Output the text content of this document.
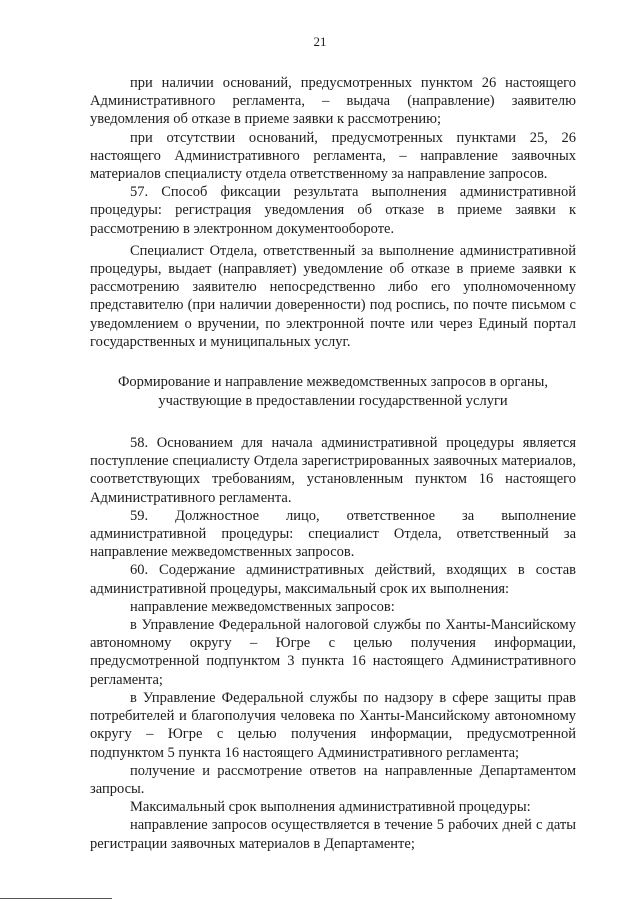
21

при наличии оснований, предусмотренных пунктом 26 настоящего Административного регламента, – выдача (направление) заявителю уведомления об отказе в приеме заявки к рассмотрению;

при отсутствии оснований, предусмотренных пунктами 25, 26 настоящего Административного регламента, – направление заявочных материалов специалисту отдела ответственному за направление запросов.

57. Способ фиксации результата выполнения административной процедуры: регистрация уведомления об отказе в приеме заявки к рассмотрению в электронном документообороте.

Специалист Отдела, ответственный за выполнение административной процедуры, выдает (направляет) уведомление об отказе в приеме заявки к рассмотрению заявителю непосредственно либо его уполномоченному представителю (при наличии доверенности) под роспись, по почте письмом с уведомлением о вручении, по электронной почте или через Единый портал государственных и муниципальных услуг.

Формирование и направление межведомственных запросов в органы,
участвующие в предоставлении государственной услуги

58. Основанием для начала административной процедуры является поступление специалисту Отдела зарегистрированных заявочных материалов, соответствующих требованиям, установленным пунктом 16 настоящего Административного регламента.

59. Должностное лицо, ответственное за выполнение административной процедуры: специалист Отдела, ответственный за направление межведомственных запросов.

60. Содержание административных действий, входящих в состав административной процедуры, максимальный срок их выполнения:

направление межведомственных запросов:

в Управление Федеральной налоговой службы по Ханты-Мансийскому автономному округу – Югре с целью получения информации, предусмотренной подпунктом 3 пункта 16 настоящего Административного регламента;

в Управление Федеральной службы по надзору в сфере защиты прав потребителей и благополучия человека по Ханты-Мансийскому автономному округу – Югре с целью получения информации, предусмотренной подпунктом 5 пункта 16 настоящего Административного регламента;

получение и рассмотрение ответов на направленные Департаментом запросы.

Максимальный срок выполнения административной процедуры:

направление запросов осуществляется в течение 5 рабочих дней с даты регистрации заявочных материалов в Департаменте;
